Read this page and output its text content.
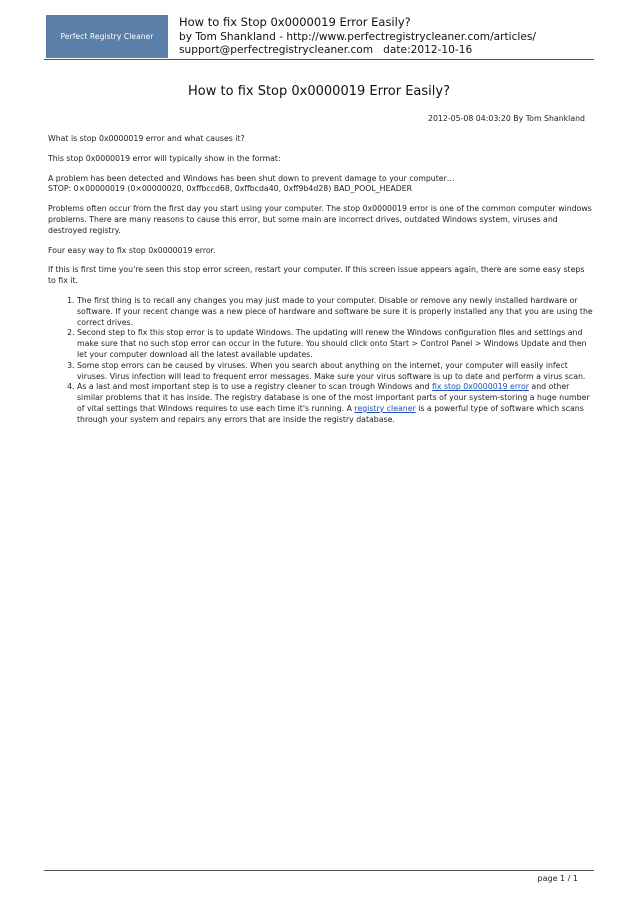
Perfect Registry Cleaner
How to fix Stop 0x0000019 Error Easily?
by Tom Shankland - http://www.perfectregistrycleaner.com/articles/
support@perfectregistrycleaner.com   date:2012-10-16
How to fix Stop 0x0000019 Error Easily?
2012-05-08 04:03:20 By Tom Shankland

What is stop 0x0000019 error and what causes it?

This stop 0x0000019 error will typically show in the format:

A problem has been detected and Windows has been shut down to prevent damage to your computer…
STOP: 0×00000019 (0×00000020, 0xffbccd68, 0xffbcda40, 0xff9b4d28) BAD_POOL_HEADER

Problems often occur from the first day you start using your computer. The stop 0x0000019 error is one of the common computer windows problems. There are many reasons to cause this error, but some main are incorrect drives, outdated Windows system, viruses and destroyed registry.

Four easy way to fix stop 0x0000019 error.

If this is first time you're seen this stop error screen, restart your computer. If this screen issue appears again, there are some easy steps to fix it.

1. The first thing is to recall any changes you may just made to your computer. Disable or remove any newly installed hardware or software. If your recent change was a new piece of hardware and software be sure it is properly installed any that you are using the correct drives.
2. Second step to fix this stop error is to update Windows. The updating will renew the Windows configuration files and settings and make sure that no such stop error can occur in the future. You should click onto Start > Control Panel > Windows Update and then let your computer download all the latest available updates.
3. Some stop errors can be caused by viruses. When you search about anything on the internet, your computer will easily infect viruses. Virus infection will lead to frequent error messages. Make sure your virus software is up to date and perform a virus scan.
4. As a last and most important step is to use a registry cleaner to scan trough Windows and fix stop 0x0000019 error and other similar problems that it has inside. The registry database is one of the most important parts of your system-storing a huge number of vital settings that Windows requires to use each time it's running. A registry cleaner is a powerful type of software which scans through your system and repairs any errors that are inside the registry database.
page 1 / 1
